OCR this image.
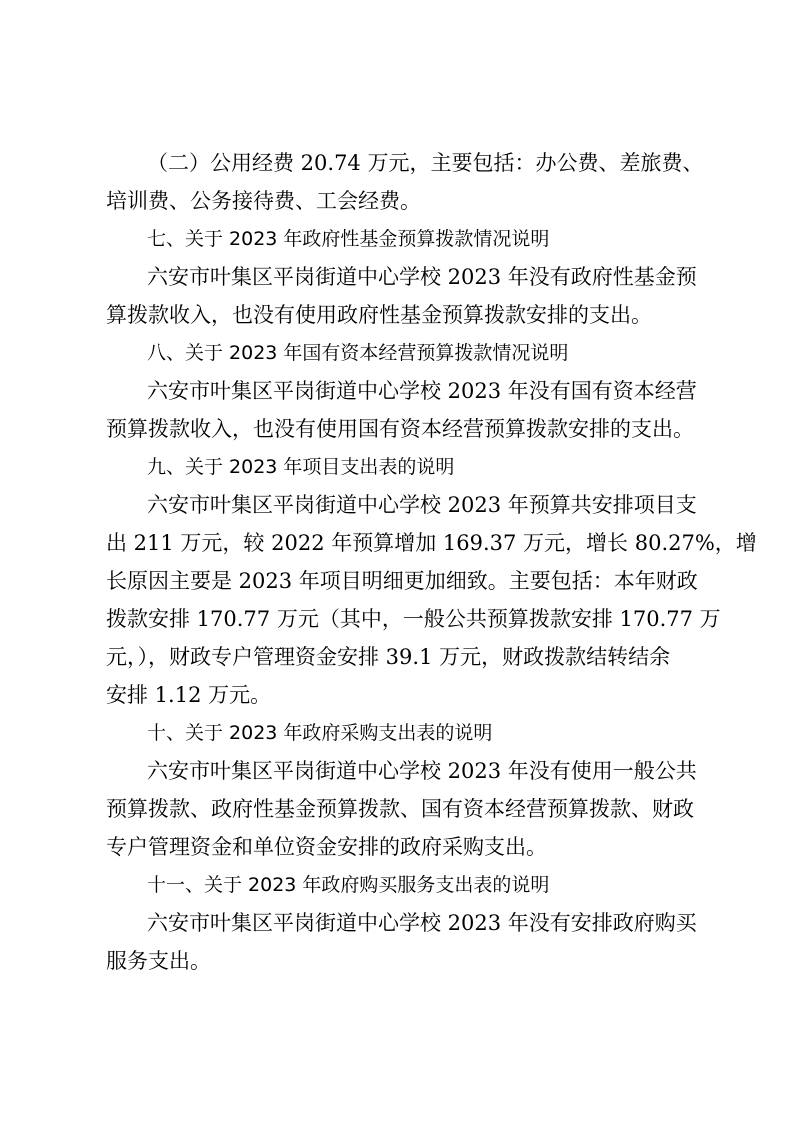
（二）公用经费 20.74 万元，主要包括：办公费、差旅费、
培训费、公务接待费、工会经费。
七、关于 2023 年政府性基金预算拨款情况说明
六安市叶集区平岗街道中心学校 2023 年没有政府性基金预
算拨款收入，也没有使用政府性基金预算拨款安排的支出。
八、关于 2023 年国有资本经营预算拨款情况说明
六安市叶集区平岗街道中心学校 2023 年没有国有资本经营
预算拨款收入，也没有使用国有资本经营预算拨款安排的支出。
九、关于 2023 年项目支出表的说明
六安市叶集区平岗街道中心学校 2023 年预算共安排项目支
出 211 万元，较 2022 年预算增加 169.37 万元，增长 80.27%，增
长原因主要是 2023 年项目明细更加细致。主要包括：本年财政
拨款安排 170.77 万元（其中，一般公共预算拨款安排 170.77 万
元，），财政专户管理资金安排 39.1 万元，财政拨款结转结余
安排 1.12 万元。
十、关于 2023 年政府采购支出表的说明
六安市叶集区平岗街道中心学校 2023 年没有使用一般公共
预算拨款、政府性基金预算拨款、国有资本经营预算拨款、财政
专户管理资金和单位资金安排的政府采购支出。
十一、关于 2023 年政府购买服务支出表的说明
六安市叶集区平岗街道中心学校 2023 年没有安排政府购买
服务支出。
